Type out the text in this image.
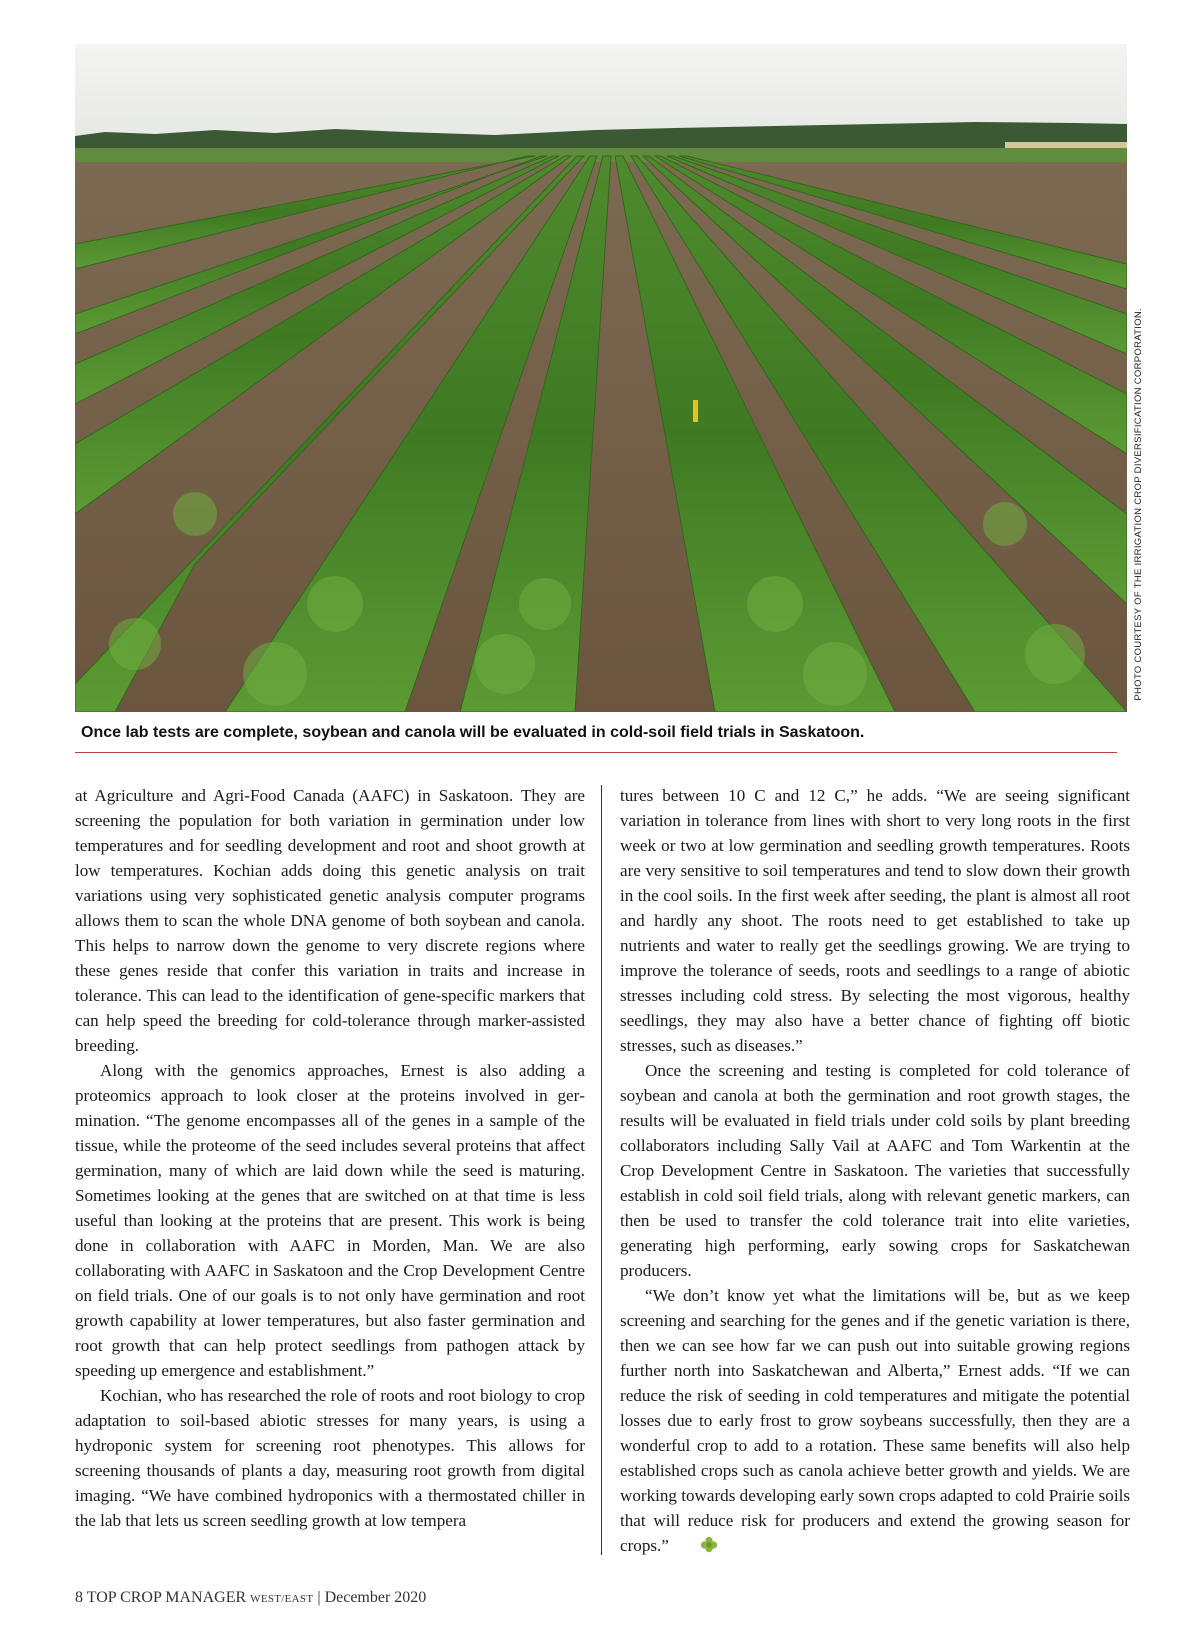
PHOTO COURTESY OF THE IRRIGATION CROP DIVERSIFICATION CORPORATION.
Once lab tests are complete, soybean and canola will be evaluated in cold-soil field trials in Saskatoon.

at Agriculture and Agri-Food Canada (AAFC) in Saskatoon. They are screening the population for both variation in germination under low temperatures and for seedling development and root and shoot growth at low temperatures. Kochian adds doing this genetic analysis on trait variations using very sophisticated genetic analysis computer programs allows them to scan the whole DNA genome of both soybean and canola. This helps to narrow down the genome to very discrete regions where these genes reside that confer this variation in traits and increase in tolerance. This can lead to the identification of gene-specific markers that can help speed the breeding for cold-tolerance through marker-assisted breeding.

Along with the genomics approaches, Ernest is also adding a proteomics approach to look closer at the proteins involved in germination. “The genome encompasses all of the genes in a sample of the tissue, while the proteome of the seed includes several proteins that affect germination, many of which are laid down while the seed is maturing. Sometimes looking at the genes that are switched on at that time is less useful than looking at the proteins that are present. This work is being done in collaboration with AAFC in Morden, Man. We are also collaborating with AAFC in Saskatoon and the Crop Development Centre on field trials. One of our goals is to not only have germination and root growth capability at lower temperatures, but also faster germination and root growth that can help protect seedlings from pathogen attack by speeding up emergence and establishment.”

Kochian, who has researched the role of roots and root biology to crop adaptation to soil-based abiotic stresses for many years, is using a hydroponic system for screening root phenotypes. This allows for screening thousands of plants a day, measuring root growth from digital imaging. “We have combined hydroponics with a thermostated chiller in the lab that lets us screen seedling growth at low tempera

tures between 10 C and 12 C,” he adds. “We are seeing significant variation in tolerance from lines with short to very long roots in the first week or two at low germination and seedling growth temperatures. Roots are very sensitive to soil temperatures and tend to slow down their growth in the cool soils. In the first week after seeding, the plant is almost all root and hardly any shoot. The roots need to get established to take up nutrients and water to really get the seedlings growing. We are trying to improve the tolerance of seeds, roots and seedlings to a range of abiotic stresses including cold stress. By selecting the most vigorous, healthy seedlings, they may also have a better chance of fighting off biotic stresses, such as diseases.”

Once the screening and testing is completed for cold tolerance of soybean and canola at both the germination and root growth stages, the results will be evaluated in field trials under cold soils by plant breeding collaborators including Sally Vail at AAFC and Tom Warkentin at the Crop Development Centre in Saskatoon. The varieties that successfully establish in cold soil field trials, along with relevant genetic markers, can then be used to transfer the cold tolerance trait into elite varieties, generating high performing, early sowing crops for Saskatchewan producers.

“We don’t know yet what the limitations will be, but as we keep screening and searching for the genes and if the genetic variation is there, then we can see how far we can push out into suitable growing regions further north into Saskatchewan and Alberta,” Ernest adds. “If we can reduce the risk of seeding in cold temperatures and mitigate the potential losses due to early frost to grow soybeans successfully, then they are a wonderful crop to add to a rotation. These same benefits will also help established crops such as canola achieve better growth and yields. We are working towards developing early sown crops adapted to cold Prairie soils that will reduce risk for producers and extend the growing season for crops.”

8 TOP CROP MANAGER WEST/EAST | December 2020
